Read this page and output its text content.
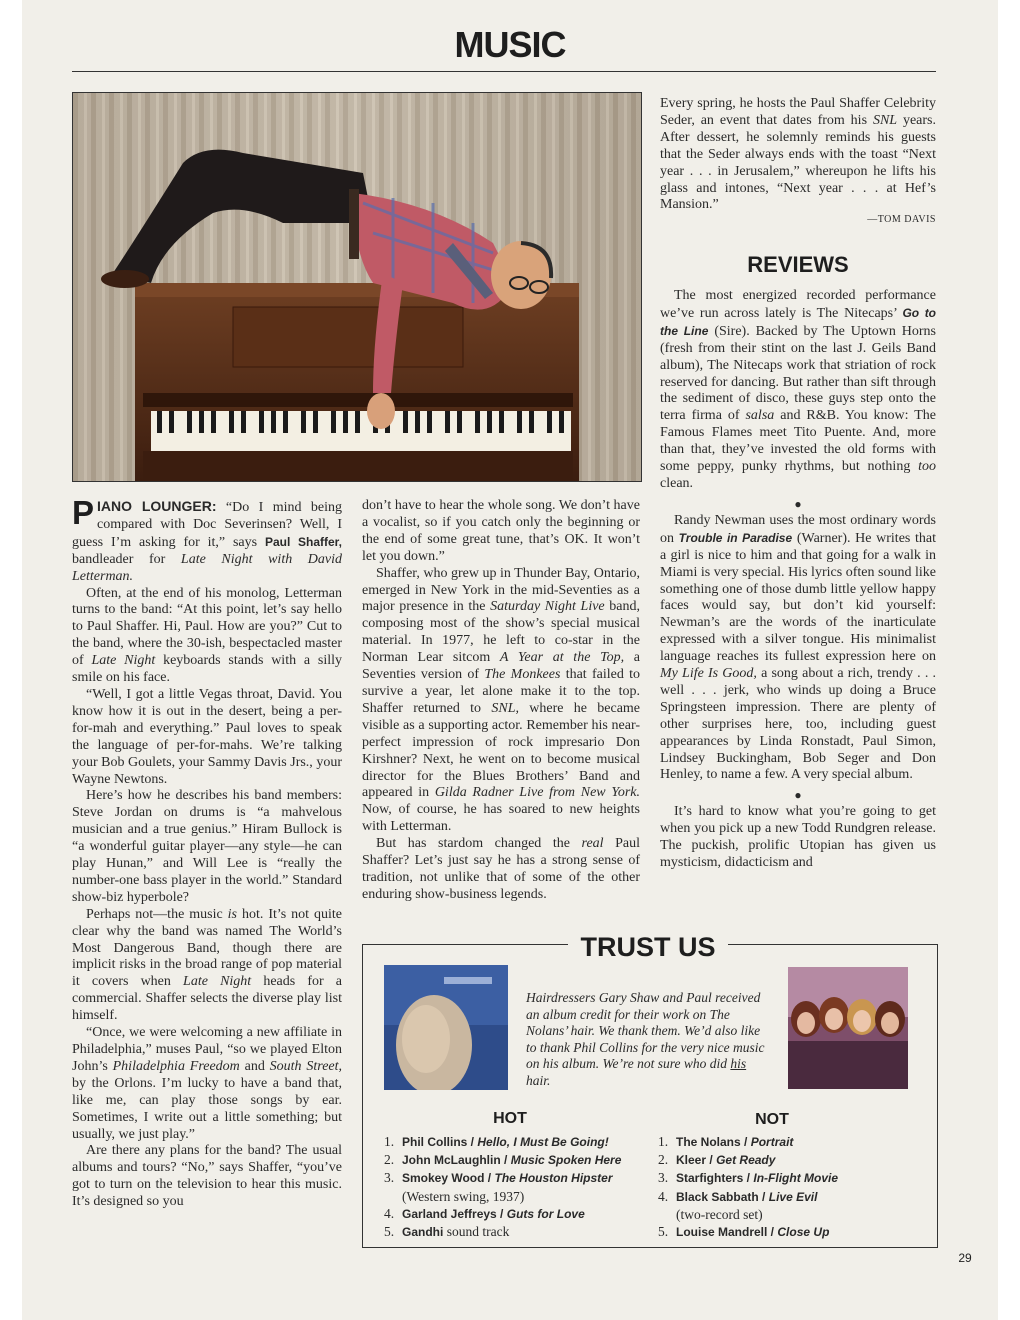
MUSIC

PIANO LOUNGER: “Do I mind being compared with Doc Severinsen? Well, I guess I’m asking for it,” says Paul Shaffer, bandleader for Late Night with David Letterman.

Often, at the end of his monolog, Letterman turns to the band: “At this point, let’s say hello to Paul Shaffer. Hi, Paul. How are you?” Cut to the band, where the 30-ish, bespectacled master of Late Night keyboards stands with a silly smile on his face.

“Well, I got a little Vegas throat, David. You know how it is out in the desert, being a per-for-mah and everything.” Paul loves to speak the language of per-for-mahs. We’re talking your Bob Goulets, your Sammy Davis Jrs., your Wayne Newtons.

Here’s how he describes his band members: Steve Jordan on drums is “a mahvelous musician and a true genius.” Hiram Bullock is “a wonderful guitar player—any style—he can play Hunan,” and Will Lee is “really the number-one bass player in the world.” Standard show-biz hyperbole?

Perhaps not—the music is hot. It’s not quite clear why the band was named The World’s Most Dangerous Band, though there are implicit risks in the broad range of pop material it covers when Late Night heads for a commercial. Shaffer selects the diverse play list himself.

“Once, we were welcoming a new affiliate in Philadelphia,” muses Paul, “so we played Elton John’s Philadelphia Freedom and South Street, by the Orlons. I’m lucky to have a band that, like me, can play those songs by ear. Sometimes, I write out a little something; but usually, we just play.”

Are there any plans for the band? The usual albums and tours? “No,” says Shaffer, “you’ve got to turn on the television to hear this music. It’s designed so you

don’t have to hear the whole song. We don’t have a vocalist, so if you catch only the beginning or the end of some great tune, that’s OK. It won’t let you down.”

Shaffer, who grew up in Thunder Bay, Ontario, emerged in New York in the mid-Seventies as a major presence in the Saturday Night Live band, composing most of the show’s special musical material. In 1977, he left to co-star in the Norman Lear sitcom A Year at the Top, a Seventies version of The Monkees that failed to survive a year, let alone make it to the top. Shaffer returned to SNL, where he became visible as a supporting actor. Remember his near-perfect impression of rock impresario Don Kirshner? Next, he went on to become musical director for the Blues Brothers’ Band and appeared in Gilda Radner Live from New York. Now, of course, he has soared to new heights with Letterman.

But has stardom changed the real Paul Shaffer? Let’s just say he has a strong sense of tradition, not unlike that of some of the other enduring show-business legends.

Every spring, he hosts the Paul Shaffer Celebrity Seder, an event that dates from his SNL years. After dessert, he solemnly reminds his guests that the Seder always ends with the toast “Next year . . . in Jerusalem,” whereupon he lifts his glass and intones, “Next year . . . at Hef’s Mansion.”

—TOM DAVIS
REVIEWS

The most energized recorded performance we’ve run across lately is The Nitecaps’ Go to the Line (Sire). Backed by The Uptown Horns (fresh from their stint on the last J. Geils Band album), The Nitecaps work that striation of rock reserved for dancing. But rather than sift through the sediment of disco, these guys step onto the terra firma of salsa and R&B. You know: The Famous Flames meet Tito Puente. And, more than that, they’ve invested the old forms with some peppy, punky rhythms, but nothing too clean.

●

Randy Newman uses the most ordinary words on Trouble in Paradise (Warner). He writes that a girl is nice to him and that going for a walk in Miami is very special. His lyrics often sound like something one of those dumb little yellow happy faces would say, but don’t kid yourself: Newman’s are the words of the inarticulate expressed with a silver tongue. His minimalist language reaches its fullest expression here on My Life Is Good, a song about a rich, trendy . . . well . . . jerk, who winds up doing a Bruce Springsteen impression. There are plenty of other surprises here, too, including guest appearances by Linda Ronstadt, Paul Simon, Lindsey Buckingham, Bob Seger and Don Henley, to name a few. A very special album.

●

It’s hard to know what you’re going to get when you pick up a new Todd Rundgren release. The puckish, prolific Utopian has given us mysticism, didacticism and

TRUST US
Hairdressers Gary Shaw and Paul received an album credit for their work on The Nolans’ hair. We thank them. We’d also like to thank Phil Collins for the very nice music on his album. We’re not sure who did his hair.
HOT
1. Phil Collins / Hello, I Must Be Going!
2. John McLaughlin / Music Spoken Here
3. Smokey Wood / The Houston Hipster
(Western swing, 1937)
4. Garland Jeffreys / Guts for Love
5. Gandhi sound track
NOT
1. The Nolans / Portrait
2. Kleer / Get Ready
3. Starfighters / In-Flight Movie
4. Black Sabbath / Live Evil
(two-record set)
5. Louise Mandrell / Close Up
29
